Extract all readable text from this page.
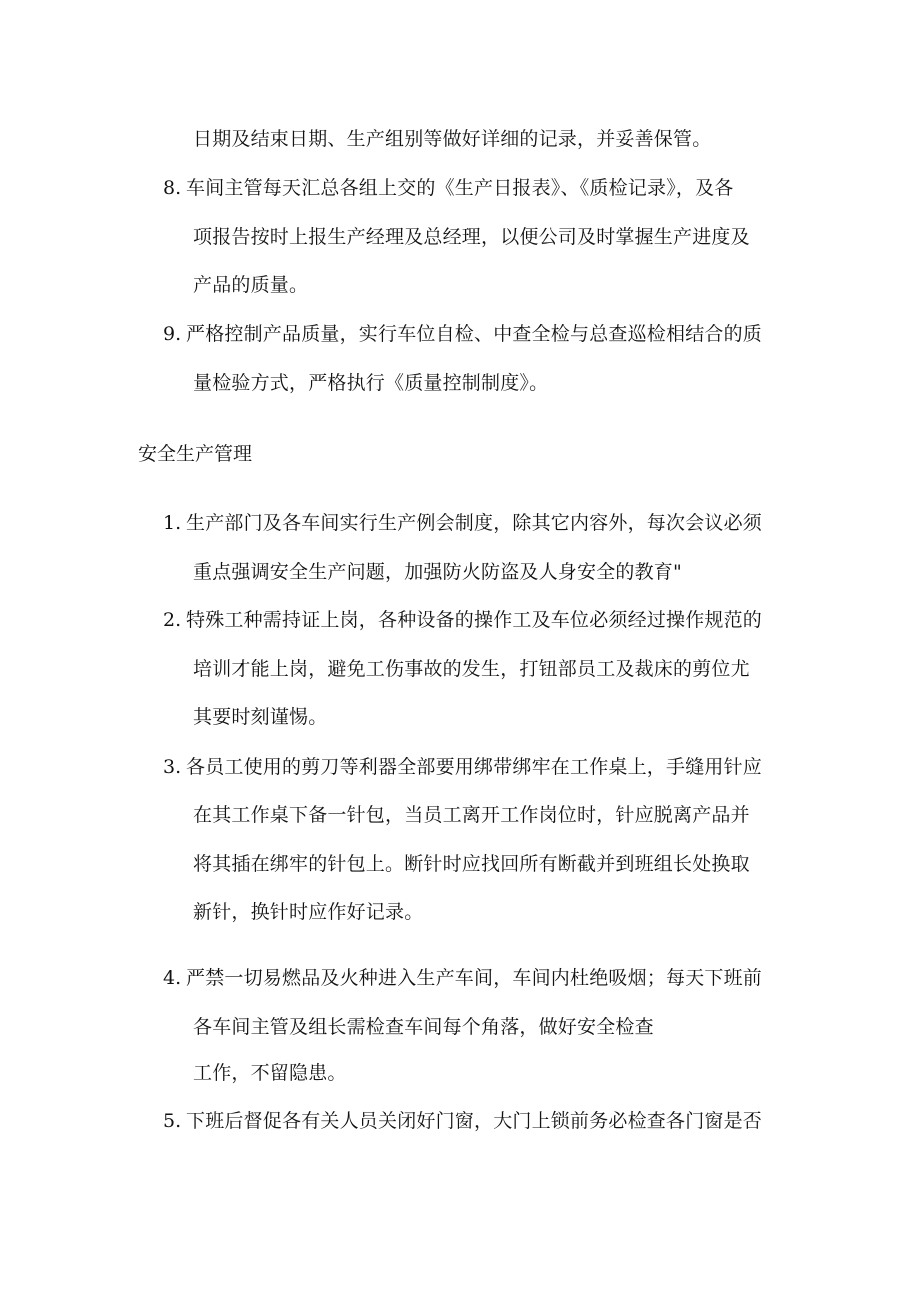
日期及结束日期、生产组别等做好详细的记录，并妥善保管。
8. 车间主管每天汇总各组上交的《生产日报表》、《质检记录》，及各
项报告按时上报生产经理及总经理，以便公司及时掌握生产进度及
产品的质量。
9. 严格控制产品质量，实行车位自检、中查全检与总查巡检相结合的质
量检验方式，严格执行《质量控制制度》。
安全生产管理
1. 生产部门及各车间实行生产例会制度，除其它内容外，每次会议必须
重点强调安全生产问题，加强防火防盗及人身安全的教育"
2. 特殊工种需持证上岗，各种设备的操作工及车位必须经过操作规范的
培训才能上岗，避免工伤事故的发生，打钮部员工及裁床的剪位尤
其要时刻谨惕。
3. 各员工使用的剪刀等利器全部要用绑带绑牢在工作桌上，手缝用针应
在其工作桌下备一针包，当员工离开工作岗位时，针应脱离产品并
将其插在绑牢的针包上。断针时应找回所有断截并到班组长处换取
新针，换针时应作好记录。
4. 严禁一切易燃品及火种进入生产车间，车间内杜绝吸烟；每天下班前
各车间主管及组长需检查车间每个角落，做好安全检查
工作，不留隐患。
5. 下班后督促各有关人员关闭好门窗，大门上锁前务必检查各门窗是否
